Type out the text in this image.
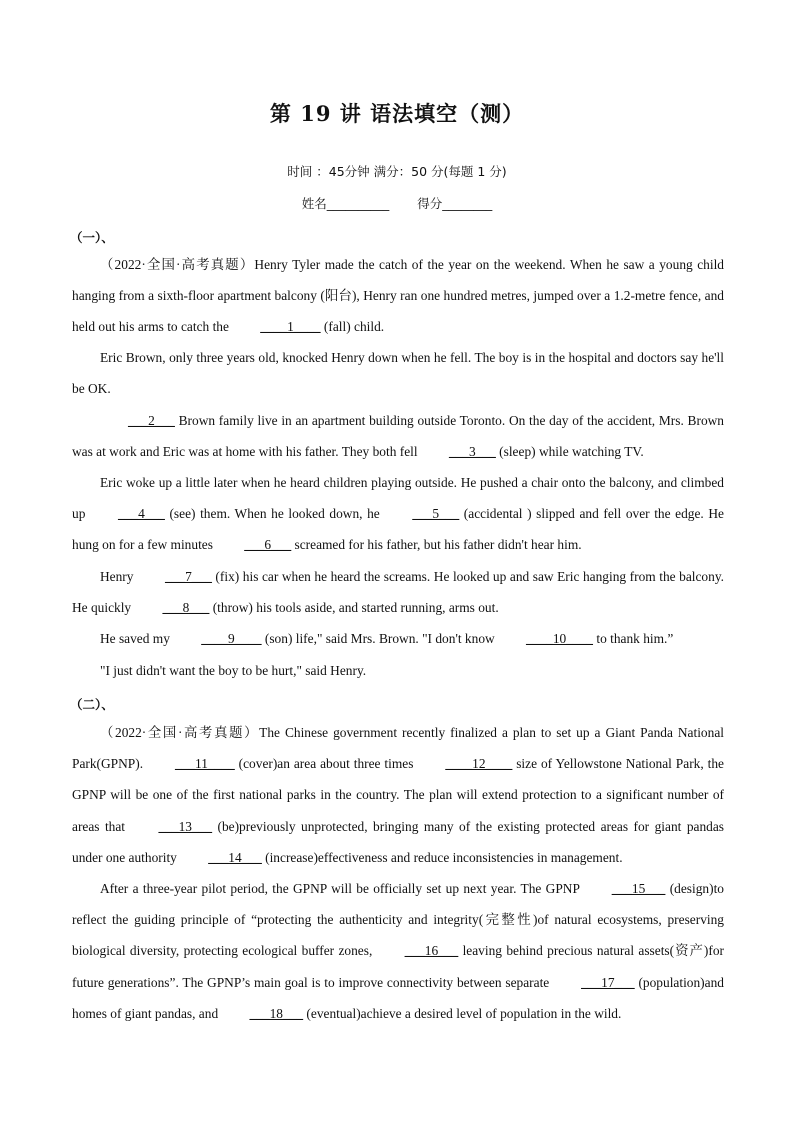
第 19 讲 语法填空（测）
时间 ：45分钟 满分：50 分(每题 1 分)
姓名__________ 得分________
（一）、

（2022·全国·高考真题）Henry Tyler made the catch of the year on the weekend. When he saw a young child hanging from a sixth-floor apartment balcony (阳台), Henry ran one hundred metres, jumped over a 1.2-metre fence, and held out his arms to catch the ____1____ (fall) child.

Eric Brown, only three years old, knocked Henry down when he fell. The boy is in the hospital and doctors say he'll be OK.

___2___ Brown family live in an apartment building outside Toronto. On the day of the accident, Mrs. Brown was at work and Eric was at home with his father. They both fell ___3___ (sleep) while watching TV.

Eric woke up a little later when he heard children playing outside. He pushed a chair onto the balcony, and climbed up ___4___ (see) them. When he looked down, he ___5___ (accidental ) slipped and fell over the edge. He hung on for a few minutes ___6___ screamed for his father, but his father didn't hear him.

Henry ___7___ (fix) his car when he heard the screams. He looked up and saw Eric hanging from the balcony. He quickly ___8___ (throw) his tools aside, and started running, arms out.

He saved my ____9____ (son) life," said Mrs. Brown. "I don't know ____10____ to thank him.”

"I just didn't want the boy to be hurt," said Henry.

（二）、

（2022·全国·高考真题）The Chinese government recently finalized a plan to set up a Giant Panda National Park(GPNP). ___11____ (cover)an area about three times ____12____ size of Yellowstone National Park, the GPNP will be one of the first national parks in the country. The plan will extend protection to a significant number of areas that ___13___ (be)previously unprotected, bringing many of the existing protected areas for giant pandas under one authority ___14___ (increase)effectiveness and reduce inconsistencies in management.

After a three-year pilot period, the GPNP will be officially set up next year. The GPNP ___15___ (design)to reflect the guiding principle of “protecting the authenticity and integrity(完整性)of natural ecosystems, preserving biological diversity, protecting ecological buffer zones, ___16___ leaving behind precious natural assets(资产)for future generations”. The GPNP’s main goal is to improve connectivity between separate ___17___ (population)and homes of giant pandas, and ___18___ (eventual)achieve a desired level of population in the wild.
